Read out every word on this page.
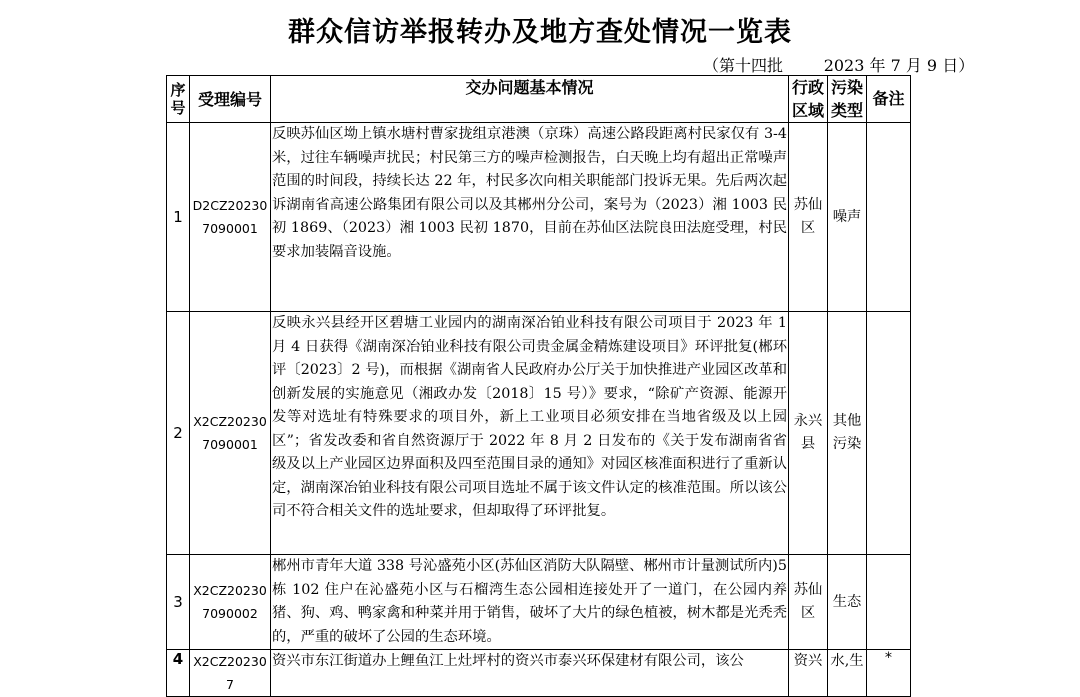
群众信访举报转办及地方查处情况一览表
（第十四批        2023 年 7 月 9 日）
序号	受理编号	交办问题基本情况	行政区域	污染类型	备注
1	D2CZ202307090001	反映苏仙区坳上镇水塘村曹家拢组京港澳（京珠）高速公路段距离村民家仅有 3-4 米，过往车辆噪声扰民；村民第三方的噪声检测报告，白天晚上均有超出正常噪声范围的时间段，持续长达 22 年，村民多次向相关职能部门投诉无果。先后两次起诉湖南省高速公路集团有限公司以及其郴州分公司，案号为（2023）湘 1003 民初 1869、（2023）湘 1003 民初 1870，目前在苏仙区法院良田法庭受理，村民要求加装隔音设施。	苏仙区	噪声	
2	X2CZ202307090001	反映永兴县经开区碧塘工业园内的湖南深冶铂业科技有限公司项目于 2023 年 1 月 4 日获得《湖南深冶铂业科技有限公司贵金属金精炼建设项目》环评批复(郴环评〔2023〕2 号)，而根据《湖南省人民政府办公厅关于加快推进产业园区改革和创新发展的实施意见（湘政办发〔2018〕15 号）》要求，“除矿产资源、能源开发等对选址有特殊要求的项目外，新上工业项目必须安排在当地省级及以上园区”；省发改委和省自然资源厅于 2022 年 8 月 2 日发布的《关于发布湖南省省级及以上产业园区边界面积及四至范围目录的通知》对园区核准面积进行了重新认定，湖南深冶铂业科技有限公司项目选址不属于该文件认定的核准范围。所以该公司不符合相关文件的选址要求，但却取得了环评批复。	永兴县	其他污染	
3	X2CZ202307090002	郴州市青年大道 338 号沁盛苑小区(苏仙区消防大队隔壁、郴州市计量测试所内)5 栋 102 住户在沁盛苑小区与石榴湾生态公园相连接处开了一道门，在公园内养猪、狗、鸡、鸭家禽和种菜并用于销售，破坏了大片的绿色植被，树木都是光秃秃的，严重的破坏了公园的生态环境。	苏仙区	生态	
4	X2CZ202307	资兴市东江街道办上鲤鱼江上灶坪村的资兴市泰兴环保建材有限公司，该公	资兴	水,生	*
